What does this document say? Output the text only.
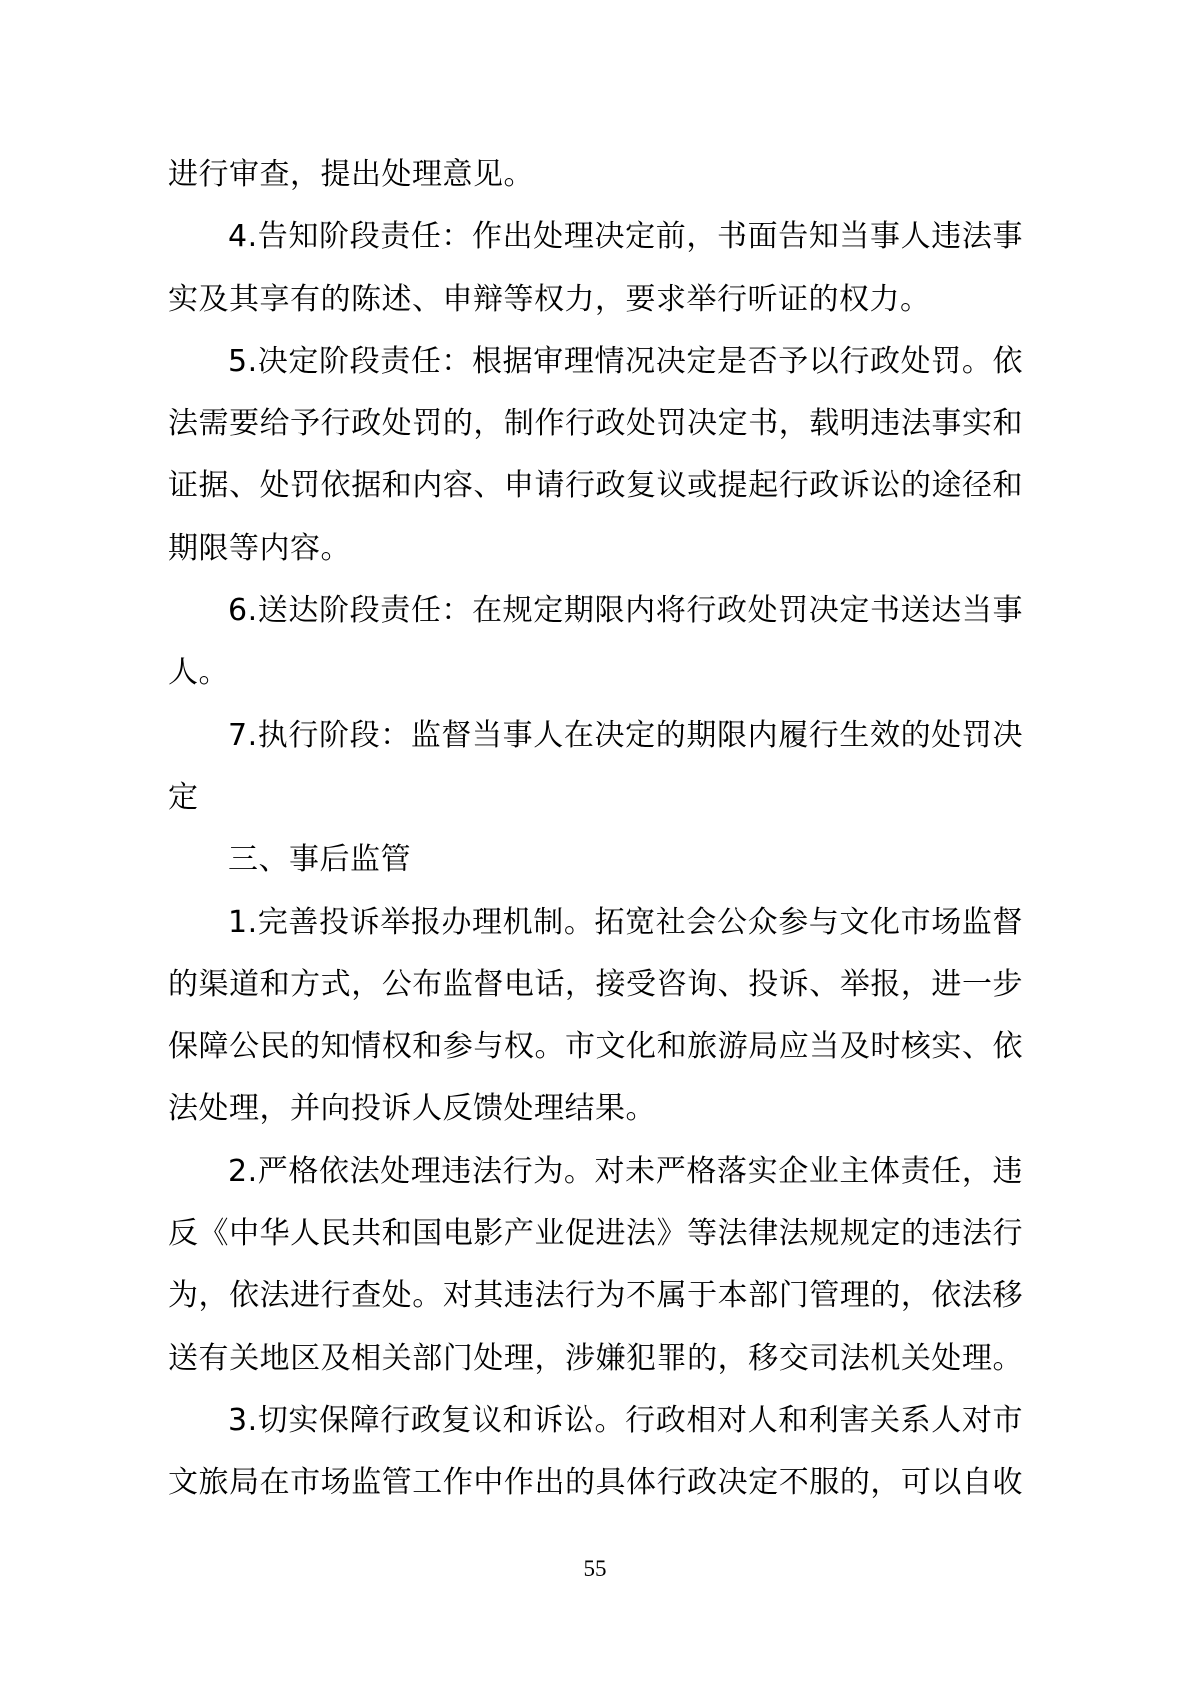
进行审查，提出处理意见。
4.告知阶段责任：作出处理决定前，书面告知当事人违法事
实及其享有的陈述、申辩等权力，要求举行听证的权力。
5.决定阶段责任：根据审理情况决定是否予以行政处罚。依
法需要给予行政处罚的，制作行政处罚决定书，载明违法事实和
证据、处罚依据和内容、申请行政复议或提起行政诉讼的途径和
期限等内容。
6.送达阶段责任：在规定期限内将行政处罚决定书送达当事
人。
7.执行阶段：监督当事人在决定的期限内履行生效的处罚决
定
三、事后监管
1.完善投诉举报办理机制。拓宽社会公众参与文化市场监督
的渠道和方式，公布监督电话，接受咨询、投诉、举报，进一步
保障公民的知情权和参与权。市文化和旅游局应当及时核实、依
法处理，并向投诉人反馈处理结果。
2.严格依法处理违法行为。对未严格落实企业主体责任，违
反《中华人民共和国电影产业促进法》等法律法规规定的违法行
为，依法进行查处。对其违法行为不属于本部门管理的，依法移
送有关地区及相关部门处理，涉嫌犯罪的，移交司法机关处理。
3.切实保障行政复议和诉讼。行政相对人和利害关系人对市
文旅局在市场监管工作中作出的具体行政决定不服的，可以自收
55
